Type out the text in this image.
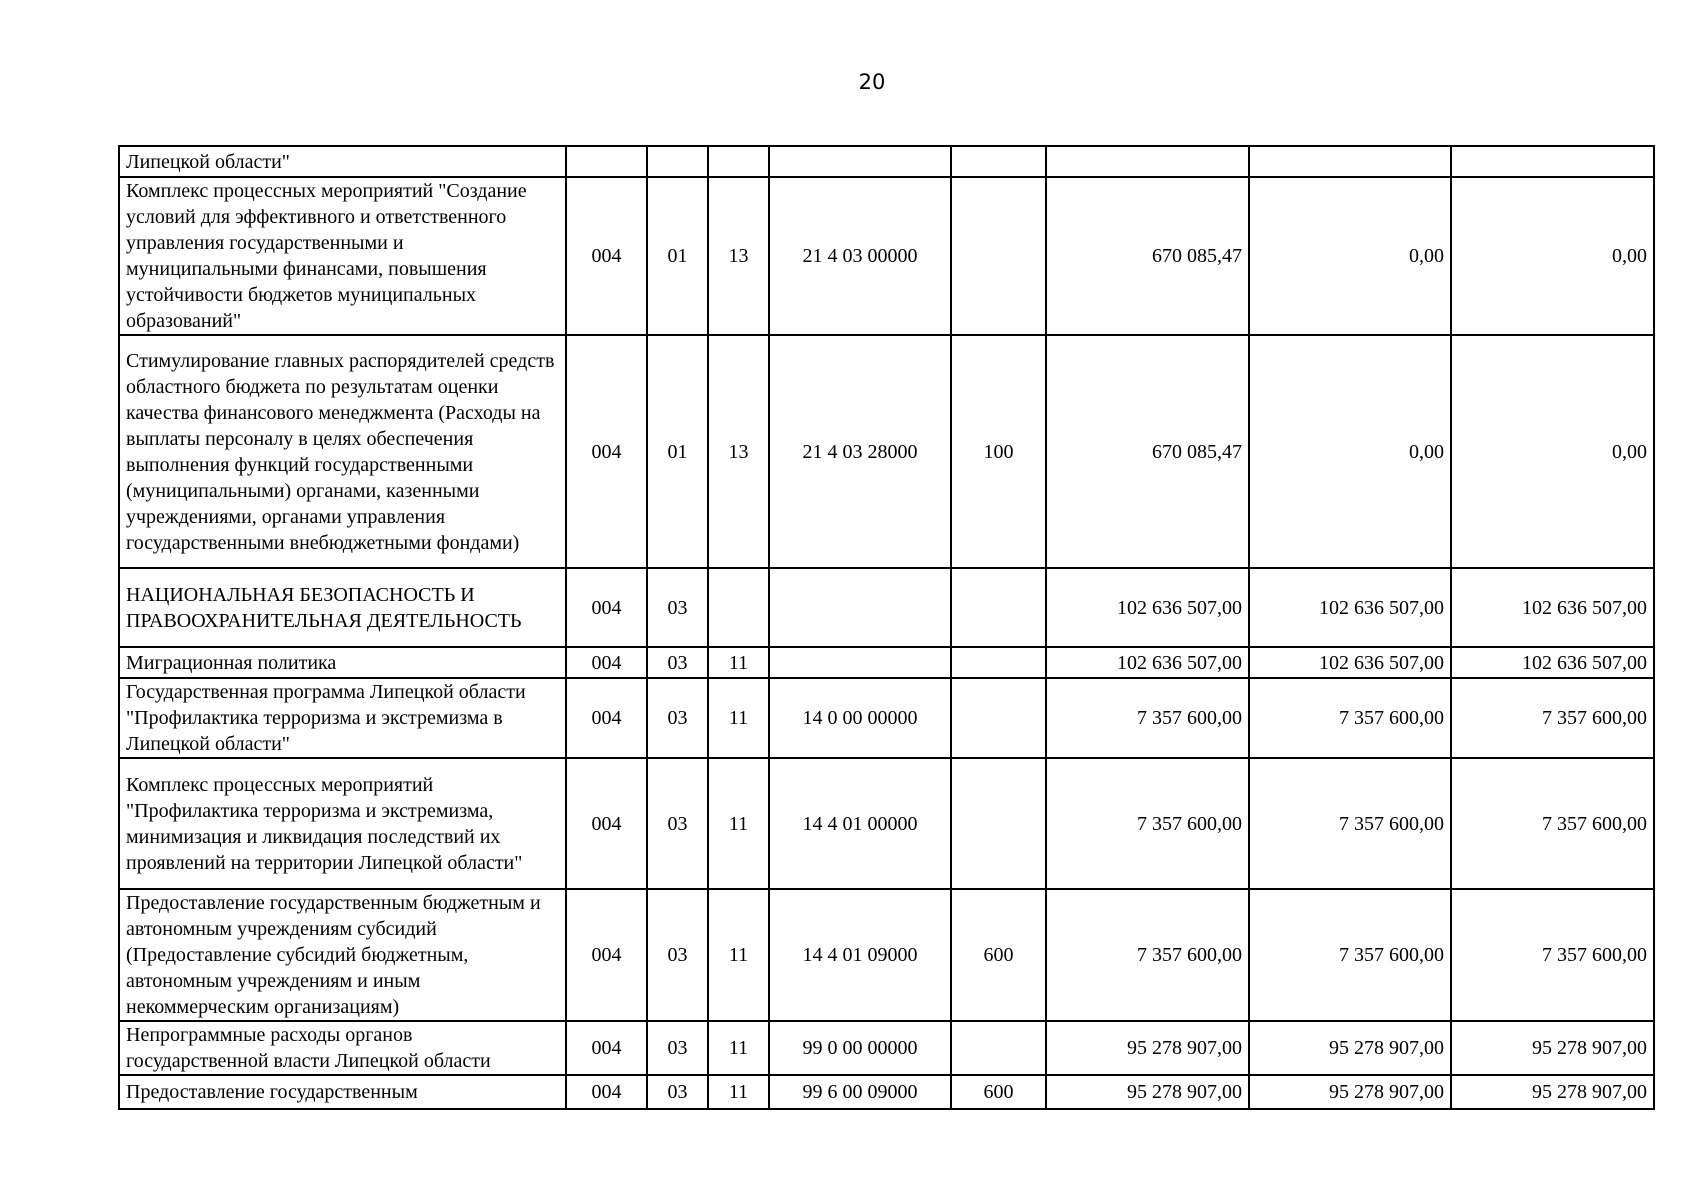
20
Липецкой области"								
Комплекс процессных мероприятий "Создание условий для эффективного и ответственного управления государственными и муниципальными финансами, повышения устойчивости бюджетов муниципальных образований"	004	01	13	21 4 03 00000		670 085,47	0,00	0,00
Стимулирование главных распорядителей средств областного бюджета по результатам оценки качества финансового менеджмента (Расходы на выплаты персоналу в целях обеспечения выполнения функций государственными (муниципальными) органами, казенными учреждениями, органами управления государственными внебюджетными фондами)	004	01	13	21 4 03 28000	100	670 085,47	0,00	0,00
НАЦИОНАЛЬНАЯ БЕЗОПАСНОСТЬ И ПРАВООХРАНИТЕЛЬНАЯ ДЕЯТЕЛЬНОСТЬ	004	03				102 636 507,00	102 636 507,00	102 636 507,00
Миграционная политика	004	03	11			102 636 507,00	102 636 507,00	102 636 507,00
Государственная программа Липецкой области "Профилактика терроризма и экстремизма в Липецкой области"	004	03	11	14 0 00 00000		7 357 600,00	7 357 600,00	7 357 600,00
Комплекс процессных мероприятий "Профилактика терроризма и экстремизма, минимизация и ликвидация последствий их проявлений на территории Липецкой области"	004	03	11	14 4 01 00000		7 357 600,00	7 357 600,00	7 357 600,00
Предоставление государственным бюджетным и автономным учреждениям субсидий (Предоставление субсидий бюджетным, автономным учреждениям и иным некоммерческим организациям)	004	03	11	14 4 01 09000	600	7 357 600,00	7 357 600,00	7 357 600,00
Непрограммные расходы органов государственной власти Липецкой области	004	03	11	99 0 00 00000		95 278 907,00	95 278 907,00	95 278 907,00
Предоставление государственным	004	03	11	99 6 00 09000	600	95 278 907,00	95 278 907,00	95 278 907,00
